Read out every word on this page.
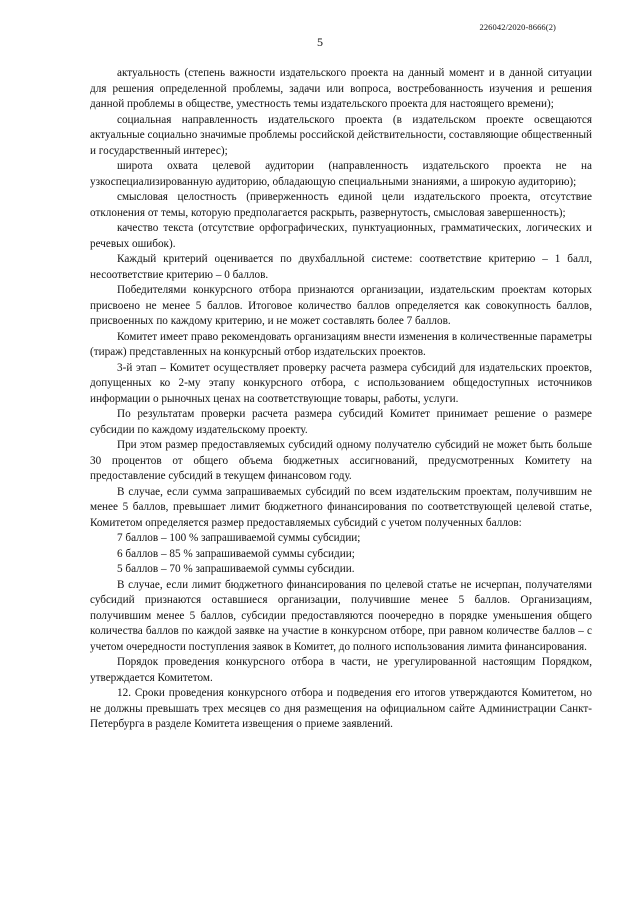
226042/2020-8666(2)
5

актуальность (степень важности издательского проекта на данный момент и в данной ситуации для решения определенной проблемы, задачи или вопроса, востребованность изучения и решения данной проблемы в обществе, уместность темы издательского проекта для настоящего времени);

социальная направленность издательского проекта (в издательском проекте освещаются актуальные социально значимые проблемы российской действительности, составляющие общественный и государственный интерес);

широта охвата целевой аудитории (направленность издательского проекта не на узкоспециализированную аудиторию, обладающую специальными знаниями, а широкую аудиторию);

смысловая целостность (приверженность единой цели издательского проекта, отсутствие отклонения от темы, которую предполагается раскрыть, развернутость, смысловая завершенность);

качество текста (отсутствие орфографических, пунктуационных, грамматических, логических и речевых ошибок).

Каждый критерий оценивается по двухбалльной системе: соответствие критерию – 1 балл, несоответствие критерию – 0 баллов.

Победителями конкурсного отбора признаются организации, издательским проектам которых присвоено не менее 5 баллов. Итоговое количество баллов определяется как совокупность баллов, присвоенных по каждому критерию, и не может составлять более 7 баллов.

Комитет имеет право рекомендовать организациям внести изменения в количественные параметры (тираж) представленных на конкурсный отбор издательских проектов.

3-й этап – Комитет осуществляет проверку расчета размера субсидий для издательских проектов, допущенных ко 2-му этапу конкурсного отбора, с использованием общедоступных источников информации о рыночных ценах на соответствующие товары, работы, услуги.

По результатам проверки расчета размера субсидий Комитет принимает решение о размере субсидии по каждому издательскому проекту.

При этом размер предоставляемых субсидий одному получателю субсидий не может быть больше 30 процентов от общего объема бюджетных ассигнований, предусмотренных Комитету на предоставление субсидий в текущем финансовом году.

В случае, если сумма запрашиваемых субсидий по всем издательским проектам, получившим не менее 5 баллов, превышает лимит бюджетного финансирования по соответствующей целевой статье, Комитетом определяется размер предоставляемых субсидий с учетом полученных баллов:

7 баллов – 100 % запрашиваемой суммы субсидии;

6 баллов – 85 % запрашиваемой суммы субсидии;

5 баллов – 70 % запрашиваемой суммы субсидии.

В случае, если лимит бюджетного финансирования по целевой статье не исчерпан, получателями субсидий признаются оставшиеся организации, получившие менее 5 баллов. Организациям, получившим менее 5 баллов, субсидии предоставляются поочередно в порядке уменьшения общего количества баллов по каждой заявке на участие в конкурсном отборе, при равном количестве баллов – с учетом очередности поступления заявок в Комитет, до полного использования лимита финансирования.

Порядок проведения конкурсного отбора в части, не урегулированной настоящим Порядком, утверждается Комитетом.

12. Сроки проведения конкурсного отбора и подведения его итогов утверждаются Комитетом, но не должны превышать трех месяцев со дня размещения на официальном сайте Администрации Санкт-Петербурга в разделе Комитета извещения о приеме заявлений.
